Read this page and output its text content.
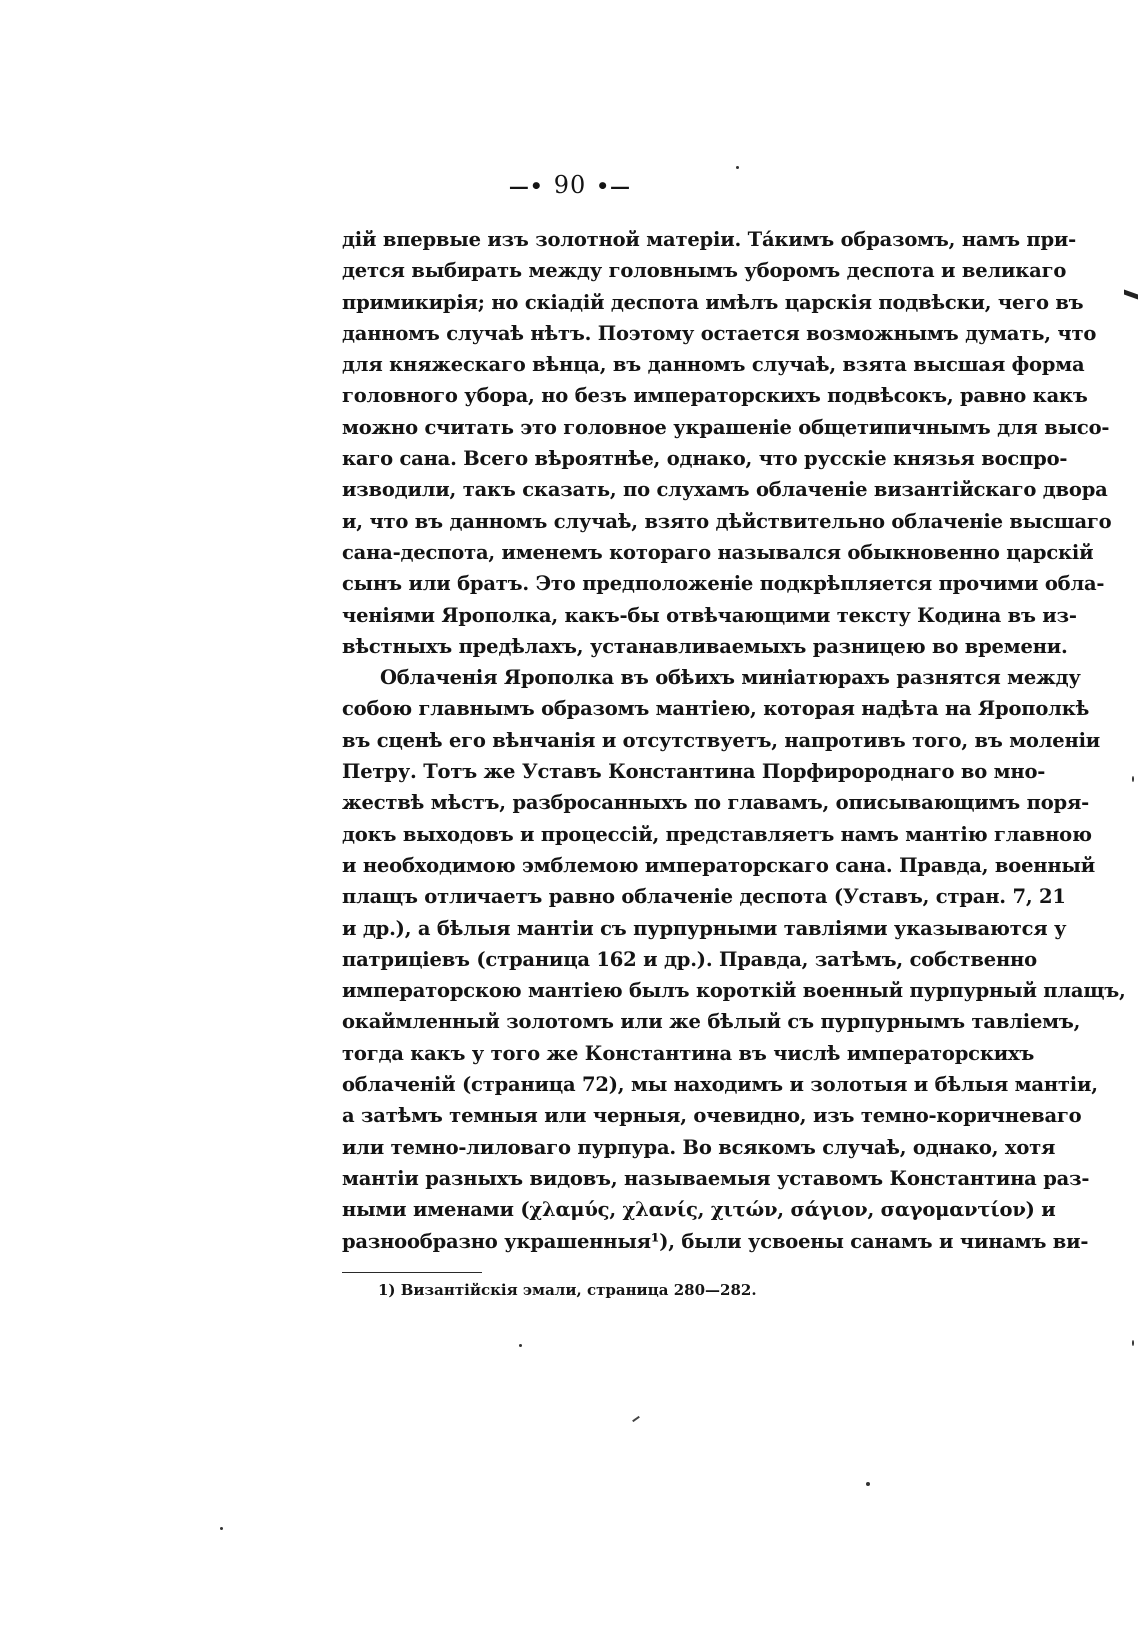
—• 90 •—
дій впервые изъ золотной матеріи. Та́кимъ образомъ, намъ при-
дется выбирать между головнымъ уборомъ деспота и великаго
примикирія; но скіадій деспота имѣлъ царскія подвѣски, чего въ
данномъ случаѣ нѣтъ. Поэтому остается возможнымъ думать, что
для княжескаго вѣнца, въ данномъ случаѣ, взята высшая форма
головного убора, но безъ императорскихъ подвѣсокъ, равно какъ
можно считать это головное украшеніе общетипичнымъ для высо-
каго сана. Всего вѣроятнѣе, однако, что русскіе князья воспро-
изводили, такъ сказать, по слухамъ облаченіе византійскаго двора
и, что въ данномъ случаѣ, взято дѣйствительно облаченіе высшаго
сана-деспота, именемъ котораго назывался обыкновенно царскій
сынъ или братъ. Это предположеніе подкрѣпляется прочими обла-
ченіями Ярополка, какъ-бы отвѣчающими тексту Кодина въ из-
вѣстныхъ предѣлахъ, устанавливаемыхъ разницею во времени.
Облаченія Ярополка въ обѣихъ миніатюрахъ разнятся между
собою главнымъ образомъ мантіею, которая надѣта на Ярополкѣ
въ сценѣ его вѣнчанія и отсутствуетъ, напротивъ того, въ моленіи
Петру. Тотъ же Уставъ Константина Порфиророднаго во мно-
жествѣ мѣстъ, разбросанныхъ по главамъ, описывающимъ поря-
докъ выходовъ и процессій, представляетъ намъ мантію главною
и необходимою эмблемою императорскаго сана. Правда, военный
плащъ отличаетъ равно облаченіе деспота (Уставъ, стран. 7, 21
и др.), а бѣлыя мантіи съ пурпурными тавліями указываются у
патриціевъ (страница 162 и др.). Правда, затѣмъ, собственно
императорскою мантіею былъ короткій военный пурпурный плащъ,
окаймленный золотомъ или же бѣлый съ пурпурнымъ тавліемъ,
тогда какъ у того же Константина въ числѣ императорскихъ
облаченій (страница 72), мы находимъ и золотыя и бѣлыя мантіи,
а затѣмъ темныя или черныя, очевидно, изъ темно-коричневаго
или темно-лиловаго пурпура. Во всякомъ случаѣ, однако, хотя
мантіи разныхъ видовъ, называемыя уставомъ Константина раз-
ными именами (χλαμύς, χλανίς, χιτών, σάγιον, σαγομαντίον) и
разнообразно украшенныя¹), были усвоены санамъ и чинамъ ви-
1) Византійскія эмали, страница 280—282.
